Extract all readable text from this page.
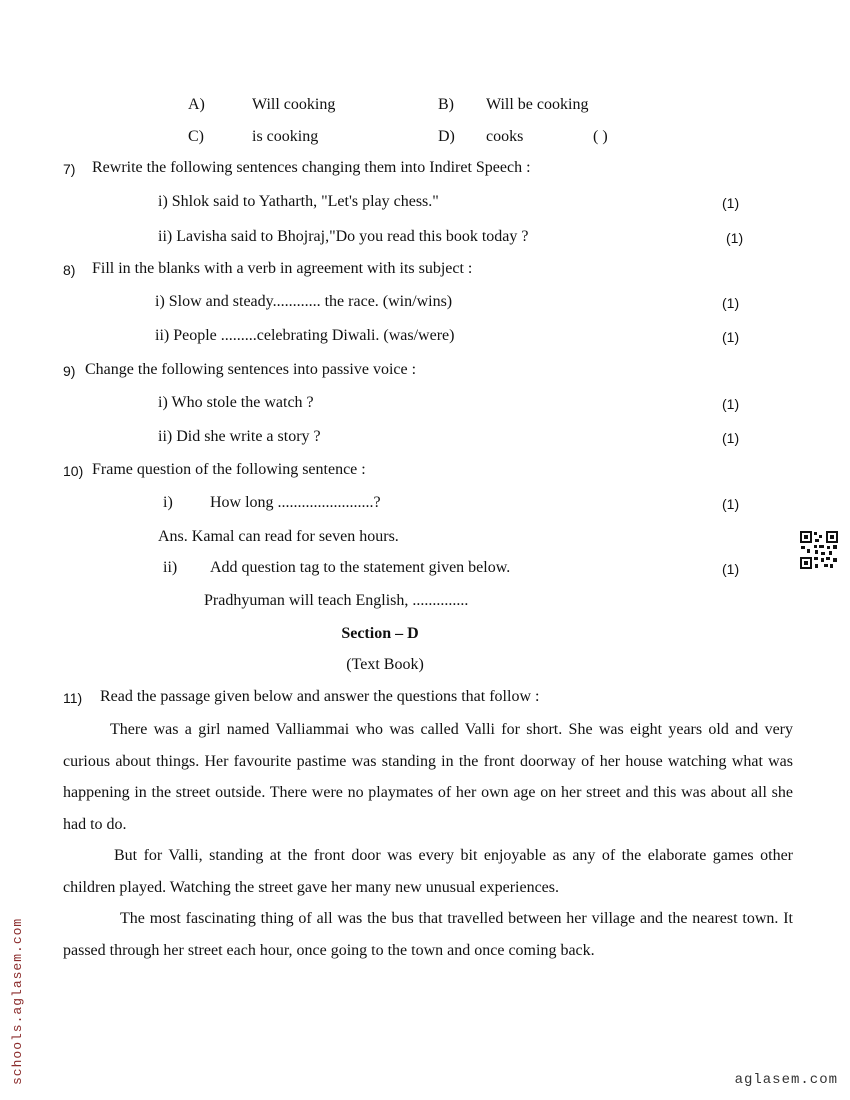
A)	Will cooking	B) Will be cooking
C)	is cooking	D) cooks	( )
7) Rewrite the following sentences changing them into Indiret Speech :
i) Shlok said to Yatharth, "Let's play chess."	(1)
ii) Lavisha said to Bhojraj,"Do you read this book today ?	(1)
8) Fill in the blanks with a verb in agreement with its subject :
i) Slow and steady............ the race. (win/wins)	(1)
ii) People .........celebrating Diwali. (was/were)	(1)
9) Change the following sentences into passive voice :
i) Who stole the watch ?	(1)
ii) Did she write a story ?	(1)
10) Frame question of the following sentence :
i) How long ........................?	(1)
Ans. Kamal can read for seven hours.
ii) Add question tag to the statement given below.	(1)
Pradhyuman will teach English, ..............
Section – D
(Text Book)
11) Read the passage given below and answer the questions that follow :
There was a girl named Valliammai who was called Valli for short. She was eight years old and very curious about things. Her favourite pastime was standing in the front doorway of her house watching what was happening in the street outside. There were no playmates of her own age on her street and this was about all she had to do.
But for Valli, standing at the front door was every bit enjoyable as any of the elaborate games other children played. Watching the street gave her many new unusual experiences.
The most fascinating thing of all was the bus that travelled between her village and the nearest town. It passed through her street each hour, once going to the town and once coming back.
schools.aglasem.com	aglasem.com
